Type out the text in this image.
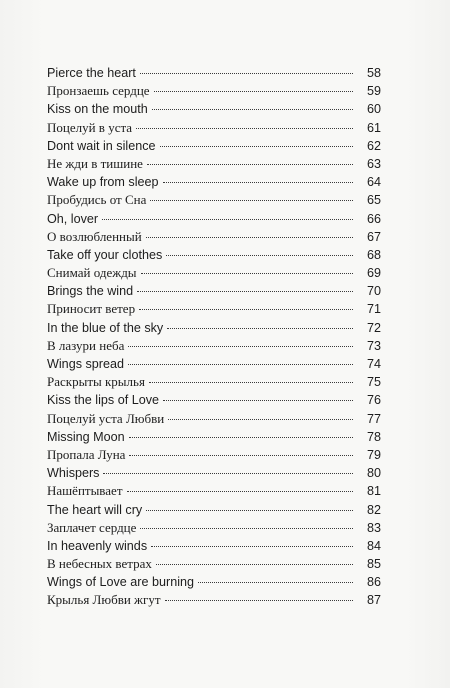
Pierce the heart	58
Пронзаешь сердце	59
Kiss on the mouth	60
Поцелуй в уста	61
Dont wait in silence	62
Не жди в тишине	63
Wake up from sleep	64
Пробудись от Сна	65
Oh, lover	66
О возлюбленный	67
Take off your clothes	68
Снимай одежды	69
Brings the wind	70
Приносит ветер	71
In the blue of the sky	72
В лазури неба	73
Wings spread	74
Раскрыты крылья	75
Kiss the lips of Love	76
Поцелуй уста Любви	77
Missing Moon	78
Пропала Луна	79
Whispers	80
Нашёптывает	81
The heart will cry	82
Заплачет сердце	83
In heavenly winds	84
В небесных ветрах	85
Wings of Love are burning	86
Крылья Любви жгут	87
